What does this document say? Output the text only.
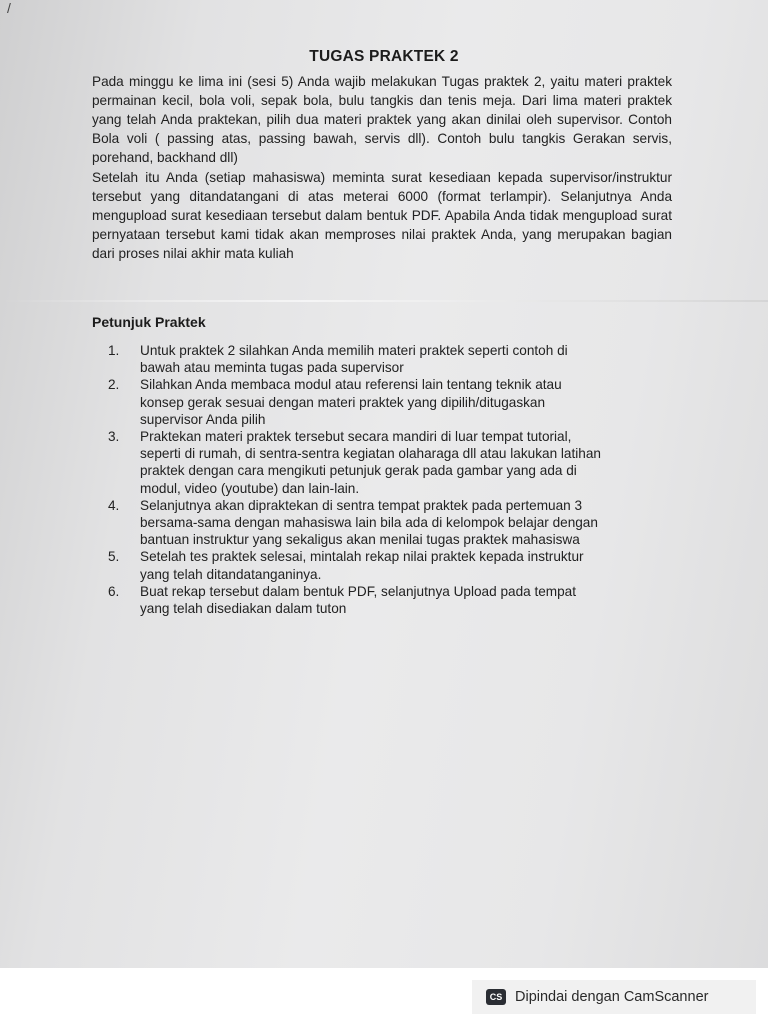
/
TUGAS PRAKTEK 2

Pada minggu ke lima ini (sesi 5) Anda wajib melakukan Tugas praktek 2, yaitu materi praktek permainan kecil, bola voli, sepak bola, bulu tangkis dan tenis meja. Dari lima materi praktek yang telah Anda praktekan, pilih dua materi praktek yang akan dinilai oleh supervisor. Contoh Bola voli ( passing atas, passing bawah, servis dll). Contoh bulu tangkis Gerakan servis, porehand, backhand dll)

Setelah itu Anda (setiap mahasiswa) meminta surat kesediaan kepada supervisor/instruktur tersebut yang ditandatangani di atas meterai 6000 (format terlampir). Selanjutnya Anda mengupload surat kesediaan tersebut dalam bentuk PDF. Apabila Anda tidak mengupload surat pernyataan tersebut kami tidak akan memproses nilai praktek Anda, yang merupakan bagian dari proses nilai akhir mata kuliah

Petunjuk Praktek
1. Untuk praktek 2 silahkan Anda memilih materi praktek seperti contoh di bawah atau meminta tugas pada supervisor
2. Silahkan Anda membaca modul atau referensi lain tentang teknik atau konsep gerak sesuai dengan materi praktek yang dipilih/ditugaskan supervisor Anda pilih
3. Praktekan materi praktek tersebut secara mandiri di luar tempat tutorial, seperti di rumah, di sentra-sentra kegiatan olaharaga dll atau lakukan latihan praktek dengan cara mengikuti petunjuk gerak pada gambar yang ada di modul, video (youtube) dan lain-lain.
4. Selanjutnya akan dipraktekan di sentra tempat praktek pada pertemuan 3 bersama-sama dengan mahasiswa lain bila ada di kelompok belajar dengan bantuan instruktur yang sekaligus akan menilai tugas praktek mahasiswa
5. Setelah tes praktek selesai, mintalah rekap nilai praktek kepada instruktur yang telah ditandatanganinya.
6. Buat rekap tersebut dalam bentuk PDF, selanjutnya Upload pada tempat yang telah disediakan dalam tuton
CS Dipindai dengan CamScanner
